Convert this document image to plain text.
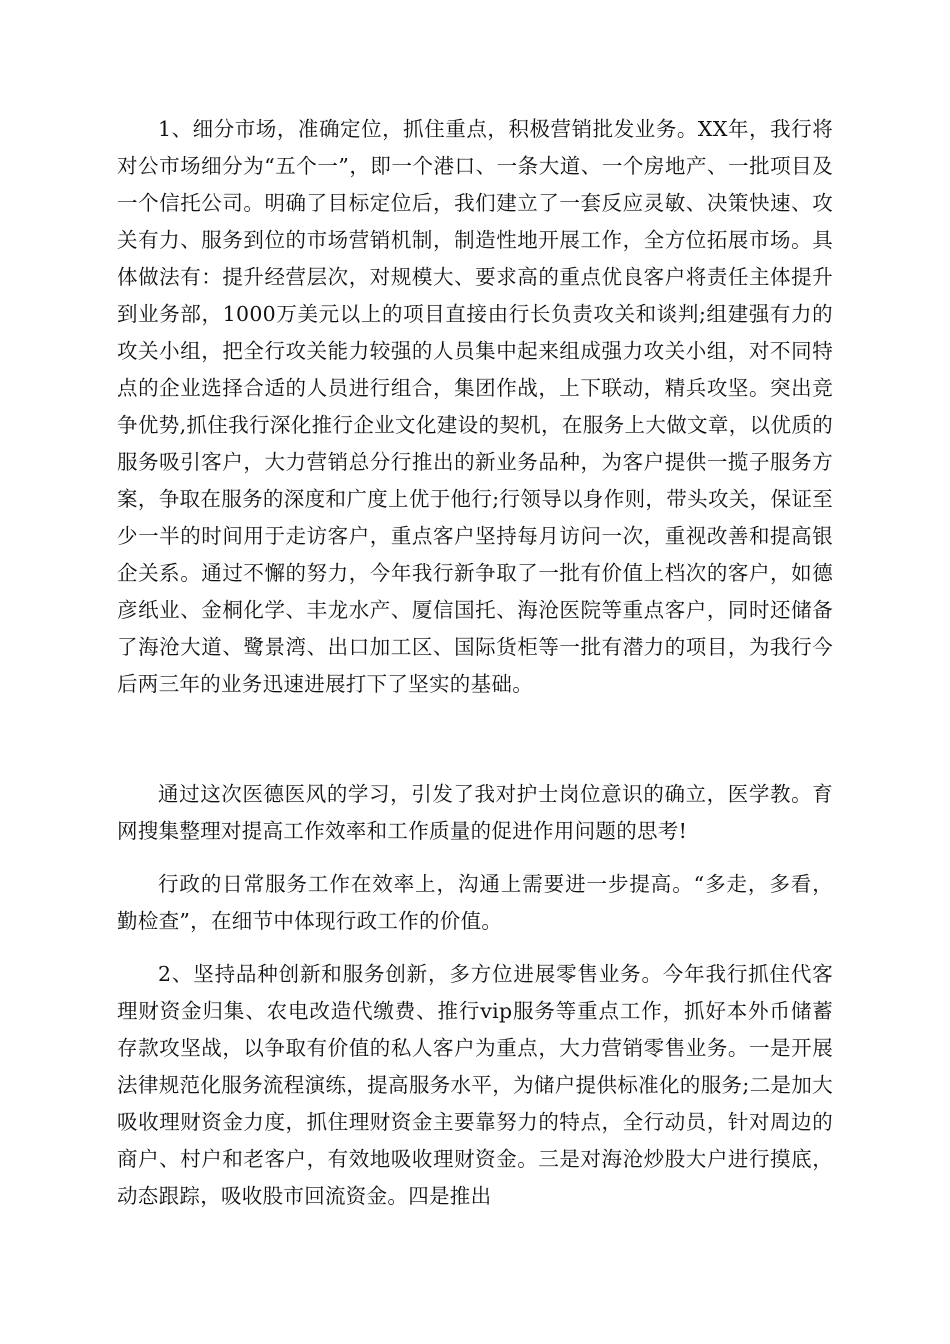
1、细分市场，准确定位，抓住重点，积极营销批发业务。XX年，我行将对公市场细分为“五个一”，即一个港口、一条大道、一个房地产、一批项目及一个信托公司。明确了目标定位后，我们建立了一套反应灵敏、决策快速、攻关有力、服务到位的市场营销机制，制造性地开展工作，全方位拓展市场。具体做法有：提升经营层次，对规模大、要求高的重点优良客户将责任主体提升到业务部，1000万美元以上的项目直接由行长负责攻关和谈判;组建强有力的攻关小组，把全行攻关能力较强的人员集中起来组成强力攻关小组，对不同特点的企业选择合适的人员进行组合，集团作战，上下联动，精兵攻坚。突出竞争优势,抓住我行深化推行企业文化建设的契机，在服务上大做文章，以优质的服务吸引客户，大力营销总分行推出的新业务品种，为客户提供一揽子服务方案，争取在服务的深度和广度上优于他行;行领导以身作则，带头攻关，保证至少一半的时间用于走访客户，重点客户坚持每月访问一次，重视改善和提高银企关系。通过不懈的努力，今年我行新争取了一批有价值上档次的客户，如德彦纸业、金桐化学、丰龙水产、厦信国托、海沧医院等重点客户，同时还储备了海沧大道、鹭景湾、出口加工区、国际货柜等一批有潜力的项目，为我行今后两三年的业务迅速进展打下了坚实的基础。

通过这次医德医风的学习，引发了我对护士岗位意识的确立，医学教。育网搜集整理对提高工作效率和工作质量的促进作用问题的思考!

行政的日常服务工作在效率上，沟通上需要进一步提高。“多走，多看，勤检查”，在细节中体现行政工作的价值。

2、坚持品种创新和服务创新，多方位进展零售业务。今年我行抓住代客理财资金归集、农电改造代缴费、推行vip服务等重点工作，抓好本外币储蓄存款攻坚战，以争取有价值的私人客户为重点，大力营销零售业务。一是开展法律规范化服务流程演练，提高服务水平，为储户提供标准化的服务;二是加大吸收理财资金力度，抓住理财资金主要靠努力的特点，全行动员，针对周边的商户、村户和老客户，有效地吸收理财资金。三是对海沧炒股大户进行摸底，动态跟踪，吸收股市回流资金。四是推出
